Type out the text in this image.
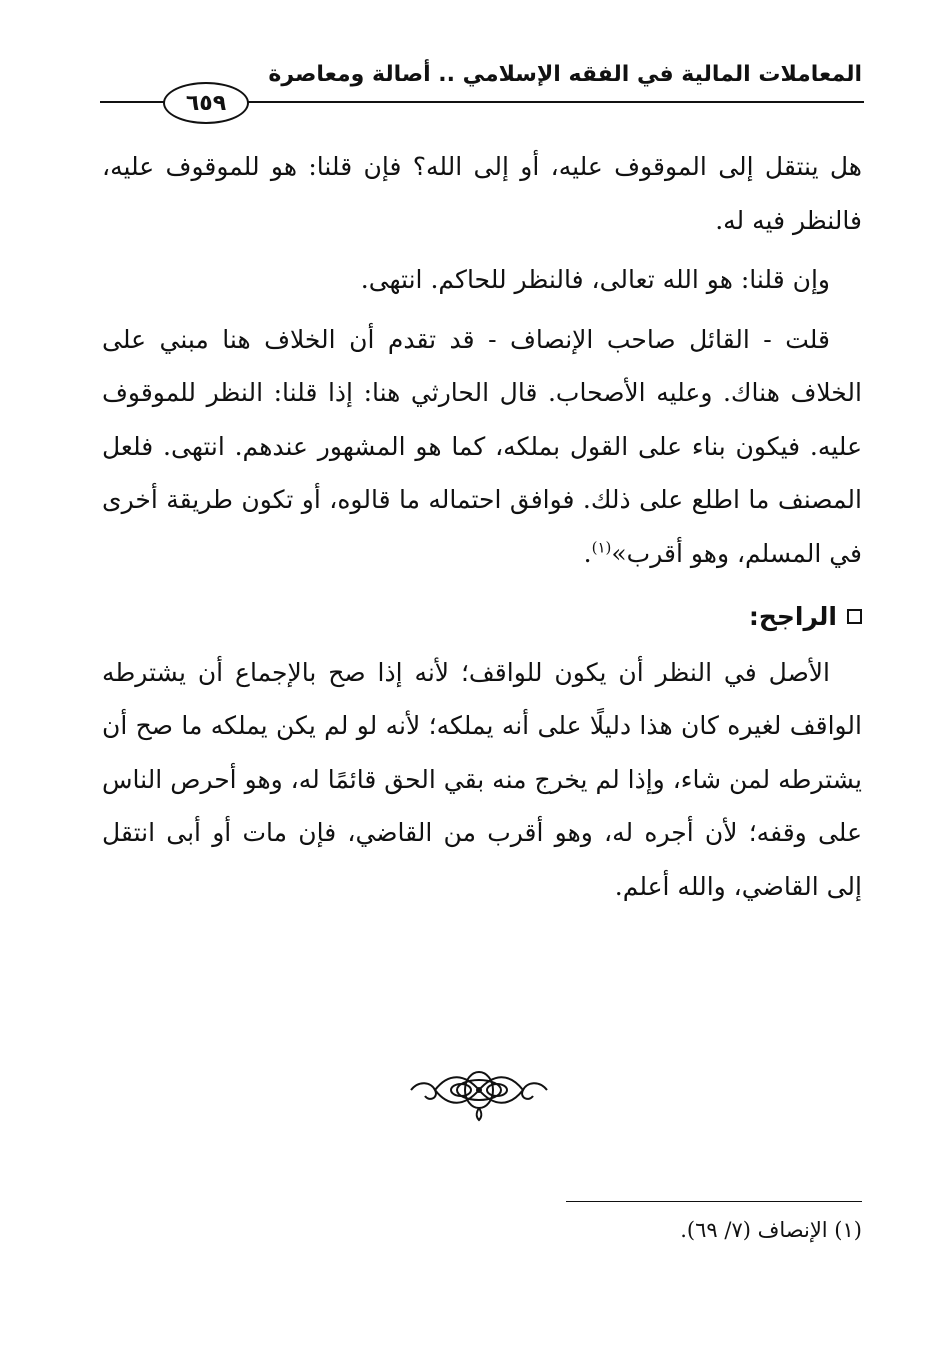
المعاملات المالية في الفقه الإسلامي .. أصالة ومعاصرة
٦٥٩

هل ينتقل إلى الموقوف عليه، أو إلى الله؟ فإن قلنا: هو للموقوف عليه، فالنظر فيه له.

وإن قلنا: هو الله تعالى، فالنظر للحاكم. انتهى.

قلت - القائل صاحب الإنصاف - قد تقدم أن الخلاف هنا مبني على الخلاف هناك. وعليه الأصحاب. قال الحارثي هنا: إذا قلنا: النظر للموقوف عليه. فيكون بناء على القول بملكه، كما هو المشهور عندهم. انتهى. فلعل المصنف ما اطلع على ذلك. فوافق احتماله ما قالوه، أو تكون طريقة أخرى في المسلم، وهو أقرب»$^{(١)}$.

الراجح:

الأصل في النظر أن يكون للواقف؛ لأنه إذا صح بالإجماع أن يشترطه الواقف لغيره كان هذا دليلًا على أنه يملكه؛ لأنه لو لم يكن يملكه ما صح أن يشترطه لمن شاء، وإذا لم يخرج منه بقي الحق قائمًا له، وهو أحرص الناس على وقفه؛ لأن أجره له، وهو أقرب من القاضي، فإن مات أو أبى انتقل إلى القاضي، والله أعلم.

(١) الإنصاف (٧/ ٦٩).
